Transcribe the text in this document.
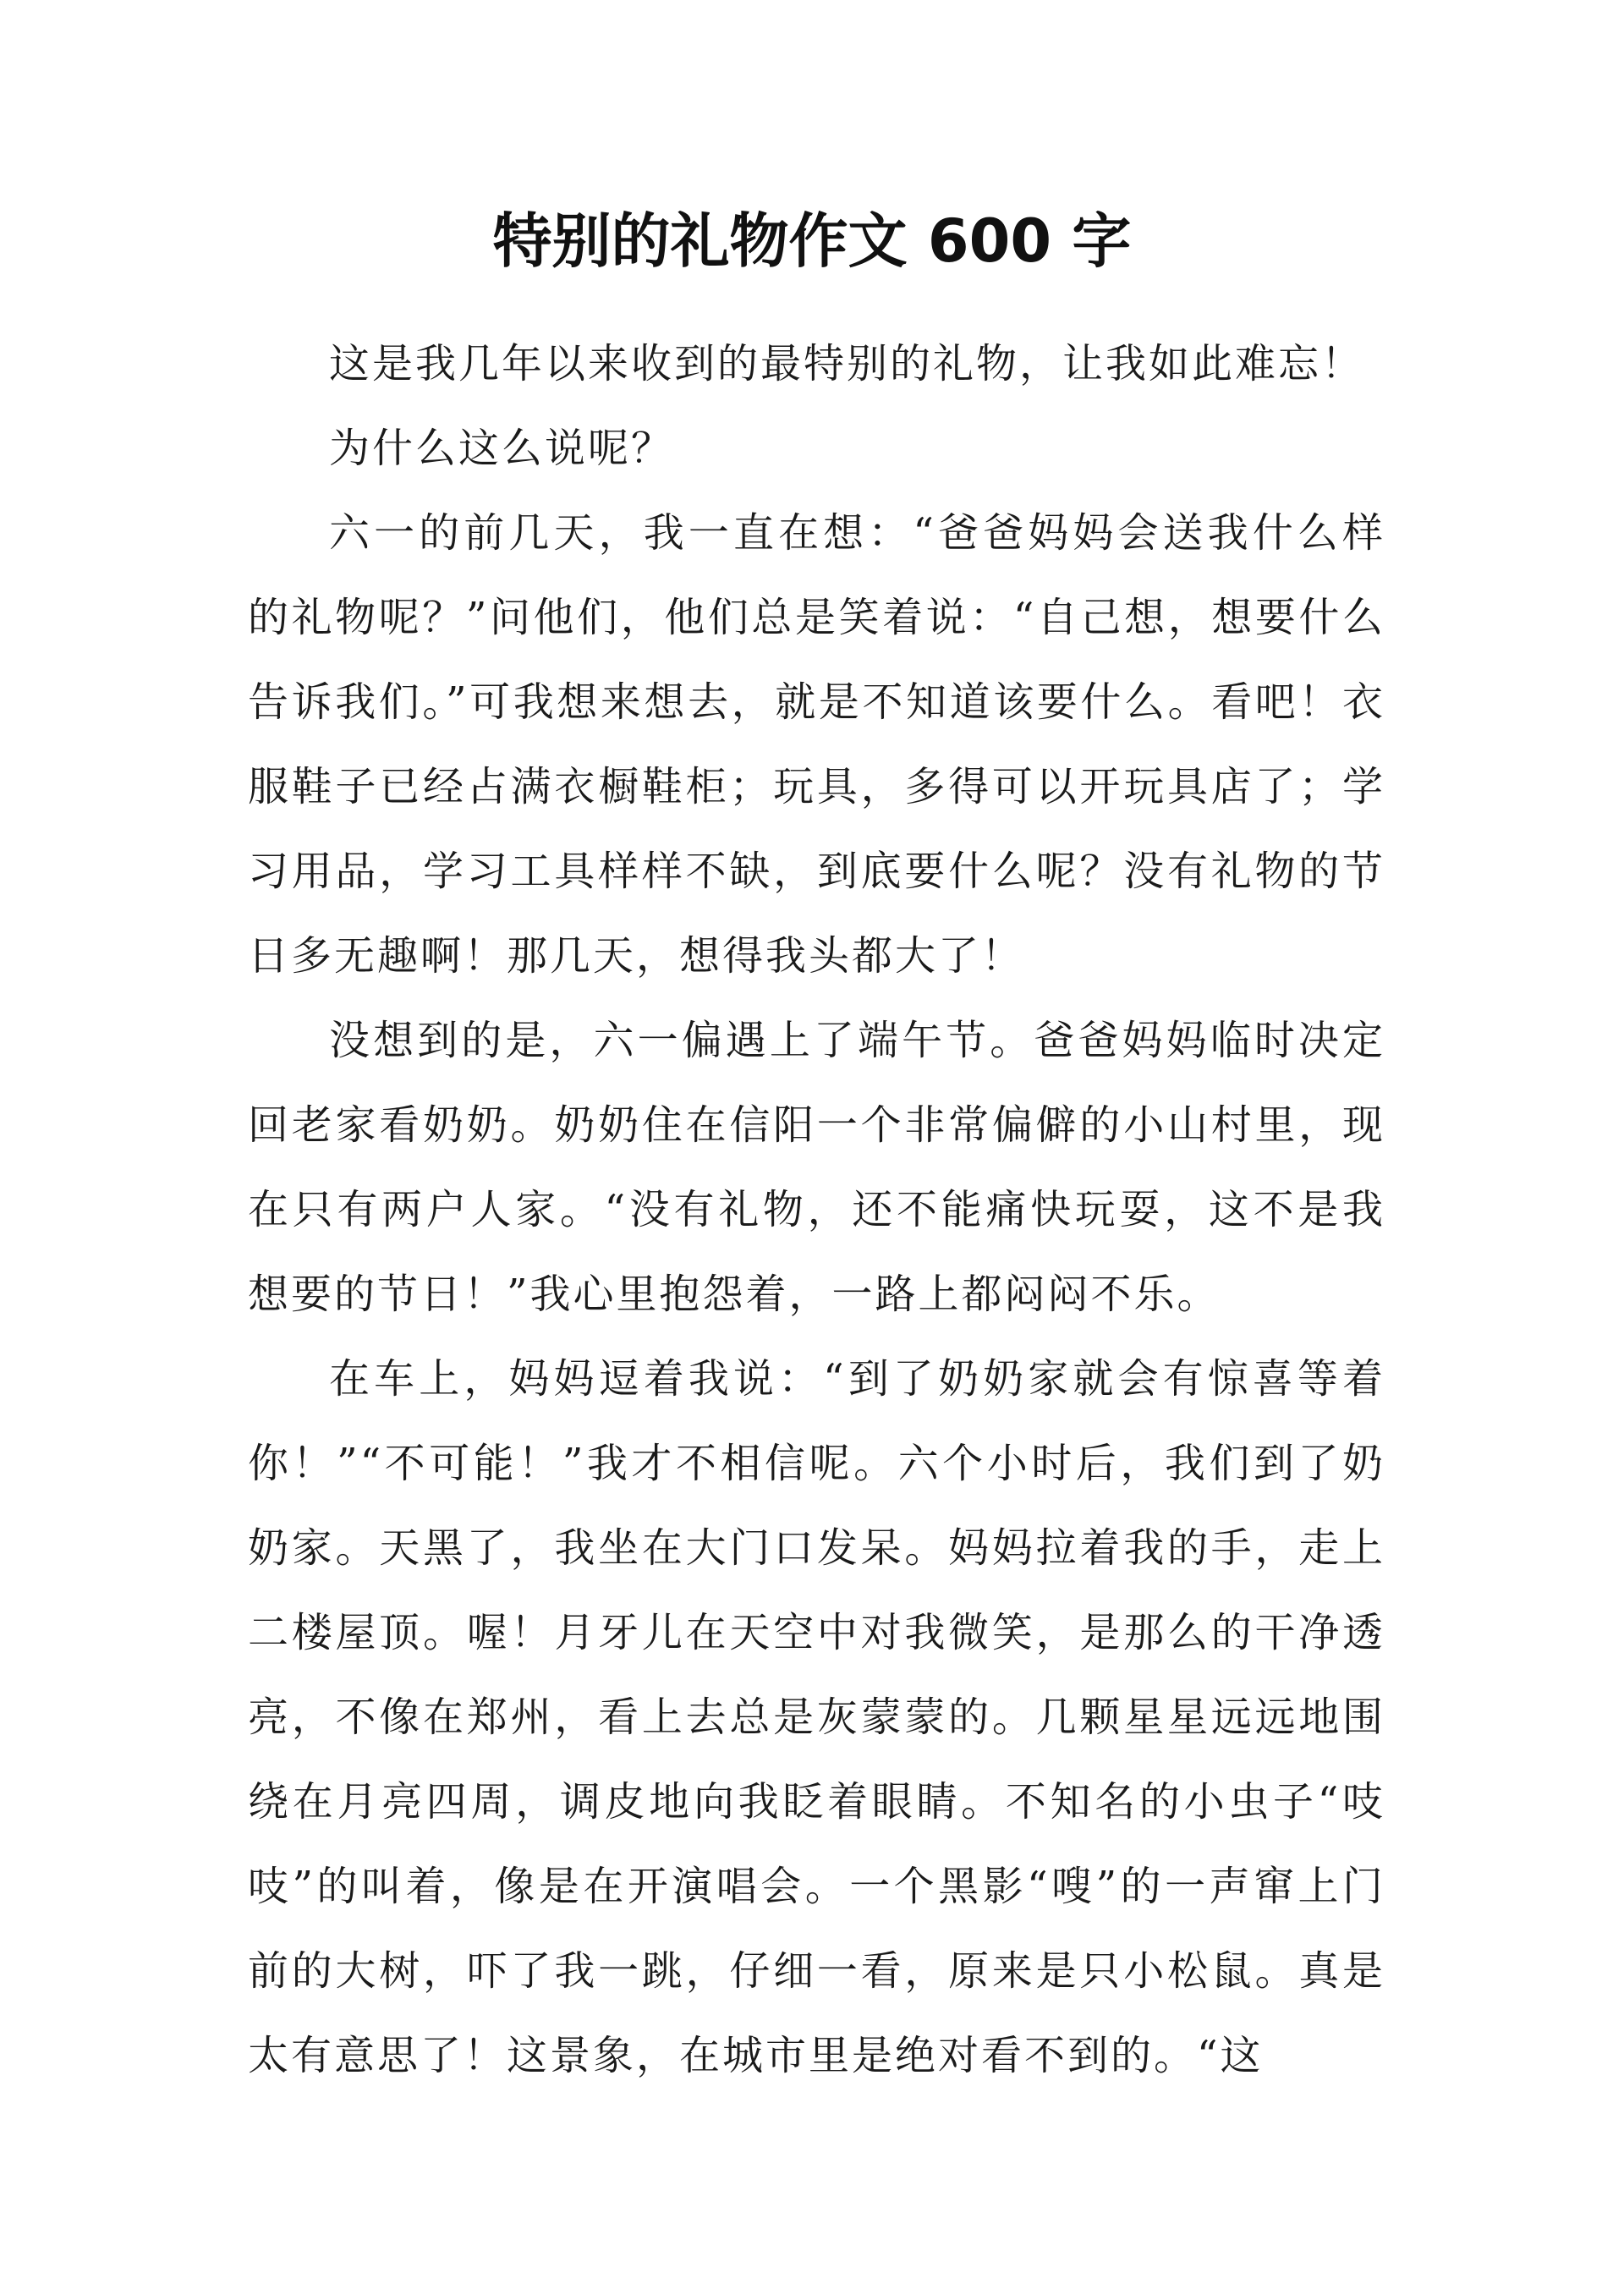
特别的礼物作文 600 字

这是我几年以来收到的最特别的礼物，让我如此难忘！

为什么这么说呢？

六一的前几天，我一直在想：“爸爸妈妈会送我什么样的礼物呢？”问他们，他们总是笑着说：“自己想，想要什么告诉我们。”可我想来想去，就是不知道该要什么。看吧！衣服鞋子已经占满衣橱鞋柜；玩具，多得可以开玩具店了；学习用品，学习工具样样不缺，到底要什么呢？没有礼物的节日多无趣啊！那几天，想得我头都大了！

没想到的是，六一偏遇上了端午节。爸爸妈妈临时决定回老家看奶奶。奶奶住在信阳一个非常偏僻的小山村里，现在只有两户人家。“没有礼物，还不能痛快玩耍，这不是我想要的节日！”我心里抱怨着，一路上都闷闷不乐。

在车上，妈妈逗着我说：“到了奶奶家就会有惊喜等着你！”“不可能！”我才不相信呢。六个小时后，我们到了奶奶家。天黑了，我坐在大门口发呆。妈妈拉着我的手，走上二楼屋顶。喔！月牙儿在天空中对我微笑，是那么的干净透亮，不像在郑州，看上去总是灰蒙蒙的。几颗星星远远地围绕在月亮四周，调皮地向我眨着眼睛。不知名的小虫子“吱吱”的叫着，像是在开演唱会。一个黑影“嗖”的一声窜上门前的大树，吓了我一跳，仔细一看，原来是只小松鼠。真是太有意思了！这景象，在城市里是绝对看不到的。“这
